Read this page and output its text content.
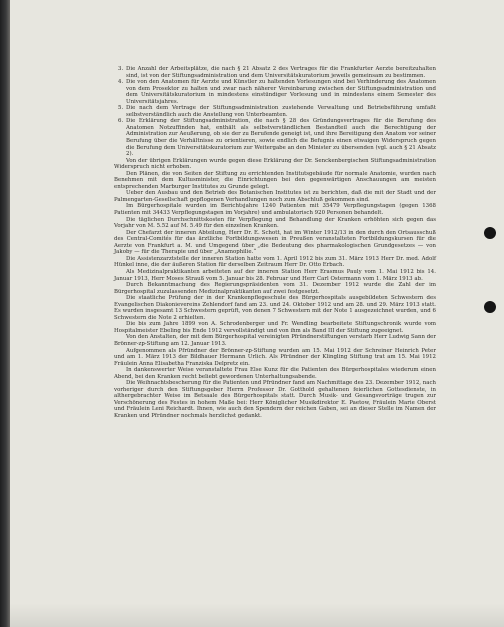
3. Die Anzahl der Arbeitsplätze, die nach § 21 Absatz 2 des Vertrages für die Frankfurter Aerzte bereitzuhalten sind, ist von der Stiftungsadministration und dem Universitätskuratorium jeweils gemeinsam zu bestimmen.

4. Die von den Anatomen für Aerzte und Künstler zu haltenden Vorlesungen sind bei Verhinderung des Anatomen von dem Prosektor zu halten und zwar nach näherer Vereinbarung zwischen der Stiftungsadministration und dem Universitätskuratorium in mindestens einstündiger Vorlesung und in mindestens einem Semester des Universitätsjahres.

5. Die nach dem Vertrage der Stiftungsadministration zustehende Verwaltung und Betriebsführung umfaßt selbstverständlich auch die Anstellung von Unterbeamten.

6. Die Erklärung der Stiftungsadministration, die nach § 28 des Gründungsvertrages für die Berufung des Anatomen Notzuffinden hat, enthält als selbstverständlichen Bestandteil auch die Berechtigung der Administration zur Aeußerung, ob sie der zu Berufende geneigt ist, und ihre Bereitigung den Anatom vor seiner Berufung über die Verhältnisse zu orientieren, sowie endlich die Befugnis einen etwaigen Widerspruch gegen die Berufung dem Universitätskuratorium zur Weitergabe an den Minister zu übersenden (vgl. auch § 21 Absatz 2).

Von der übrigen Erklärungen wurde gegen diese Erklärung der Dr. Senckenbergischen Stiftungsadministration Widerspruch nicht erhoben.

Den Plänen, die von Seiten der Stiftung zu errichtenden Institutsgebäude für normale Anatomie, wurden nach Benehmen mit dem Kultusminister, die Einrichtungen bei den gegenwärtigen Anschauungen am meisten entsprechenden Marburger Institutes zu Grunde gelegt.

Ueber den Ausbau und den Betrieb des Botanischen Institutes ist zu berichten, daß die mit der Stadt und der Palmengarten-Gesellschaft gepflogenen Verhandlungen noch zum Abschluß gekommen sind.

Im Bürgerhospitale wurden im Berichtsjahre 1240 Patienten mit 35479 Verpflegungstagen (gegen 1368 Patienten mit 34433 Verpflegungstagen im Vorjahre) und ambulatorisch 920 Personen behandelt.

Die täglichen Durchschnittskosten für Verpflegung und Behandlung der Kranken erhöhten sich gegen das Vorjahr von M. 5.52 auf M. 5.49 für den einzelnen Kranken.

Der Chefarzt der inneren Abteilung, Herr Dr. E. Schott, hat im Winter 1912/13 in den durch den Ortsausschuß des Central-Comités für das ärztliche Fortbildungswesen in Preußen veranstalteten Fortbildungskursen für die Aerzte von Frankfurt a. M. und Umgegend über „die Bedeutung des pharmakologischen Grundgesetzes — von Jakoby — für die Therapie und über „Anamophilie.“

Die Assistenzarztstelle der inneren Station hatte vom 1. April 1912 bis zum 31. März 1913 Herr Dr. med. Adolf Hünkel inne, die der äußeren Station für derselben Zeitraum Herr Dr. Otto Erbach.

Als Medizinalpraktikanten arbeiteten auf der inneren Station Herr Erasmus Pauly vom 1. Mai 1912 bis 14. Januar 1913, Herr Moses Strauß vom 5. Januar bis 28. Februar und Herr Carl Ostermann vom 1. März 1913 ab.

Durch Bekanntmachung des Regierungspräsidenten vom 31. Dezember 1912 wurde die Zahl der im Bürgerhospital zuzulassenden Medizinalpraktikanten auf zwei festgesetzt.

Die staatliche Prüfung der in der Krankenpflegeschule des Bürgerhospitals ausgebildeten Schwestern des Evangelischen Diakonievereins Zehlendorf fand am 23. und 24. Oktober 1912 und am 28. und 29. März 1913 statt. Es wurden insgesamt 13 Schwestern geprüft, von denen 7 Schwestern mit der Note 1 ausgezeichnet wurden, und 6 Schwestern die Note 2 erhielten.

Die bis zum Jahre 1899 von A. Schrodenberger und Fr. Wendling bearbeitete Stiftungschronik wurde vom Hospitalmeister Ebeling bis Ende 1912 vervollständigt und von ihm als Band III der Stiftung zugeeignet.

Von den Anstalten, der mit dem Bürgerhospital vereinigten Pfründnerstiftungen verstarb Herr Ludwig Sann der Brönner-zp-Stiftung am 12. Januar 1913.

Aufgenommen als Pfründner der Brönner-zp-Stiftung wurden am 15. Mai 1912 der Schreiner Heinrich Peter und am 1. März 1913 der Bildhauer Hermann Urlich. Als Pfründner der Klingling Stiftung trat am 15. Mai 1912 Fräulein Anna Elisabetha Franziska Delpretz ein.

In dankenswerter Weise veranstaltete Frau Else Kunz für die Patienten des Bürgerhospitales wiederum einen Abend, bei den Kranken recht beliebt gewordenen Unterhaltungsabende.

Die Weihnachtsbescherung für die Patienten und Pfründner fand am Nachmittage des 23. Dezember 1912, nach vorheriger durch den Stiftungsgeber Herrn Professor Dr. Gotthold gehaltenen feierlichen Gottesdienste, in althergebrachter Weise im Betsaale des Bürgerhospitals statt. Durch Musik- und Gesangsvorträge trugen zur Verschönerung des Festes in hohem Maße bei: Herr Königlicher Musikdirektor E. Paetow, Fräulein Marie Oberst und Fräulein Leni Reichardt. Ihnen, wie auch den Spendern der reichen Gaben, sei an dieser Stelle im Namen der Kranken und Pfründner nochmals herzlichst gedankt.
